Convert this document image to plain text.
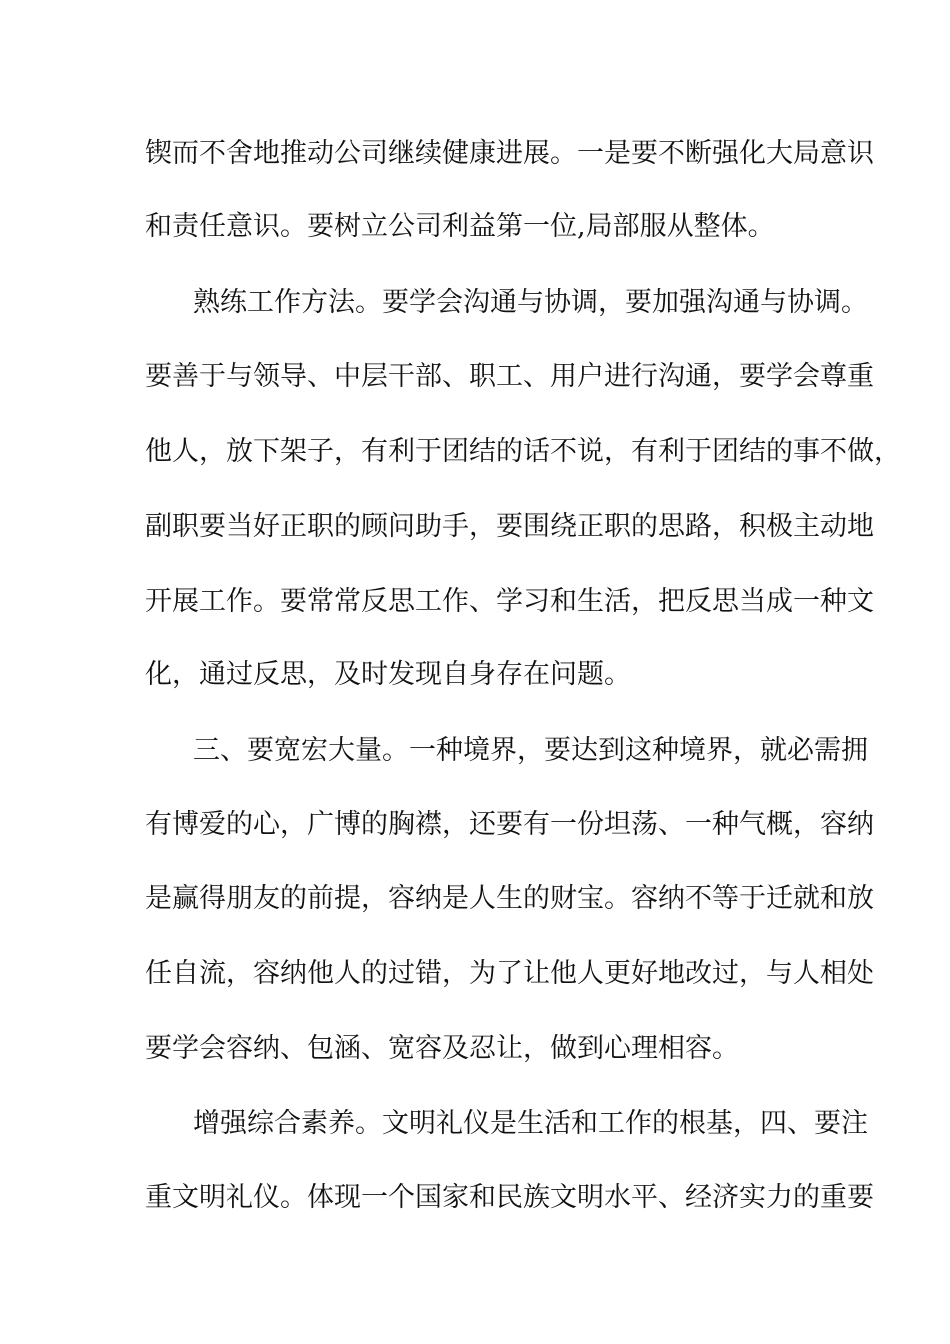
锲而不舍地推动公司继续健康进展。一是要不断强化大局意识
和责任意识。要树立公司利益第一位,局部服从整体。
熟练工作方法。要学会沟通与协调，要加强沟通与协调。
要善于与领导、中层干部、职工、用户进行沟通，要学会尊重
他人，放下架子，有利于团结的话不说，有利于团结的事不做，
副职要当好正职的顾问助手，要围绕正职的思路，积极主动地
开展工作。要常常反思工作、学习和生活，把反思当成一种文
化，通过反思，及时发现自身存在问题。
三、要宽宏大量。一种境界，要达到这种境界，就必需拥
有博爱的心，广博的胸襟，还要有一份坦荡、一种气概，容纳
是赢得朋友的前提，容纳是人生的财宝。容纳不等于迁就和放
任自流，容纳他人的过错，为了让他人更好地改过，与人相处
要学会容纳、包涵、宽容及忍让，做到心理相容。
增强综合素养。文明礼仪是生活和工作的根基，四、要注
重文明礼仪。体现一个国家和民族文明水平、经济实力的重要
